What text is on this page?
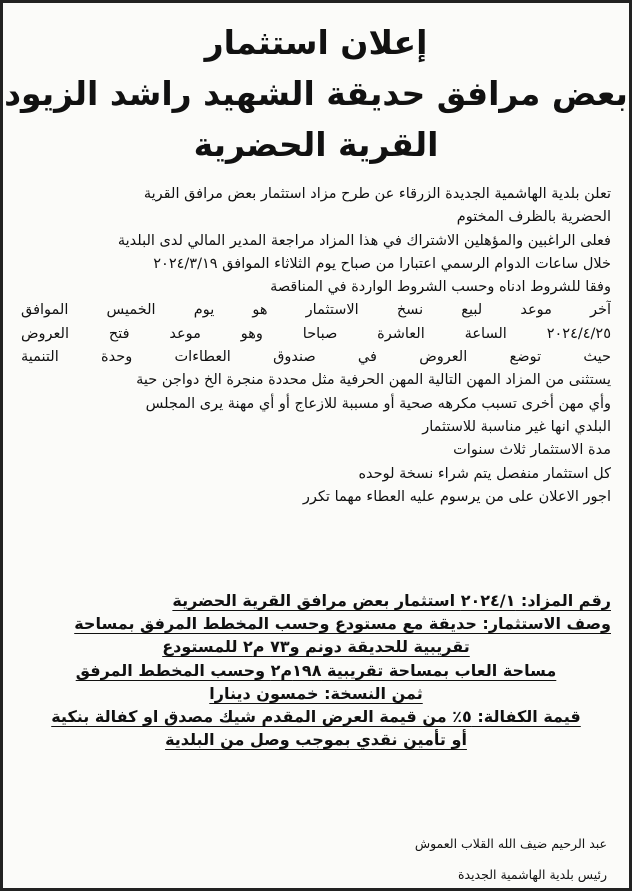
إعلان استثمار
بعض مرافق حديقة الشهيد راشد الزيود
القرية الحضرية
تعلن بلدية الهاشمية الجديدة الزرقاء عن طرح مزاد استثمار بعض مرافق القرية
الحضرية بالظرف المختوم
فعلى الراغبين والمؤهلين الاشتراك في هذا المزاد مراجعة المدير المالي لدى البلدية
خلال ساعات الدوام الرسمي اعتبارا من صباح يوم الثلاثاء الموافق ٢٠٢٤/٣/١٩
وفقا للشروط ادناه وحسب الشروط الواردة في المناقصة
آخر موعد لبيع نسخ الاستثمار هو يوم الخميس الموافق
٢٠٢٤/٤/٢٥ الساعة العاشرة صباحا وهو موعد فتح العروض
حيث توضع العروض في صندوق العطاءات وحدة التنمية
يستثنى من المزاد المهن التالية المهن الحرفية مثل محددة منجرة الخ دواجن حية
وأي مهن أخرى تسبب مكرهه صحية أو مسببة للازعاج أو أي مهنة يرى المجلس
البلدي انها غير مناسبة للاستثمار
مدة الاستثمار ثلاث سنوات
كل استثمار منفصل يتم شراء نسخة لوحده
اجور الاعلان على من يرسوم عليه العطاء مهما تكرر
رقم المزاد: ٢٠٢٤/١ استثمار بعض مرافق القرية الحضرية
وصف الاستثمار: حديقة مع مستودع وحسب المخطط المرفق بمساحة
تقريبية للحديقة دونم و٧٣ م٢ للمستودع
مساحة العاب بمساحة تقريبية ١٩٨م٢ وحسب المخطط المرفق
ثمن النسخة: خمسون دينارا
قيمة الكفالة: ٥٪ من قيمة العرض المقدم شيك مصدق او كفالة بنكية
أو تأمين نقدي بموجب وصل من البلدية
عبد الرحيم ضيف الله القلاب العموش
رئيس بلدية الهاشمية الجديدة
